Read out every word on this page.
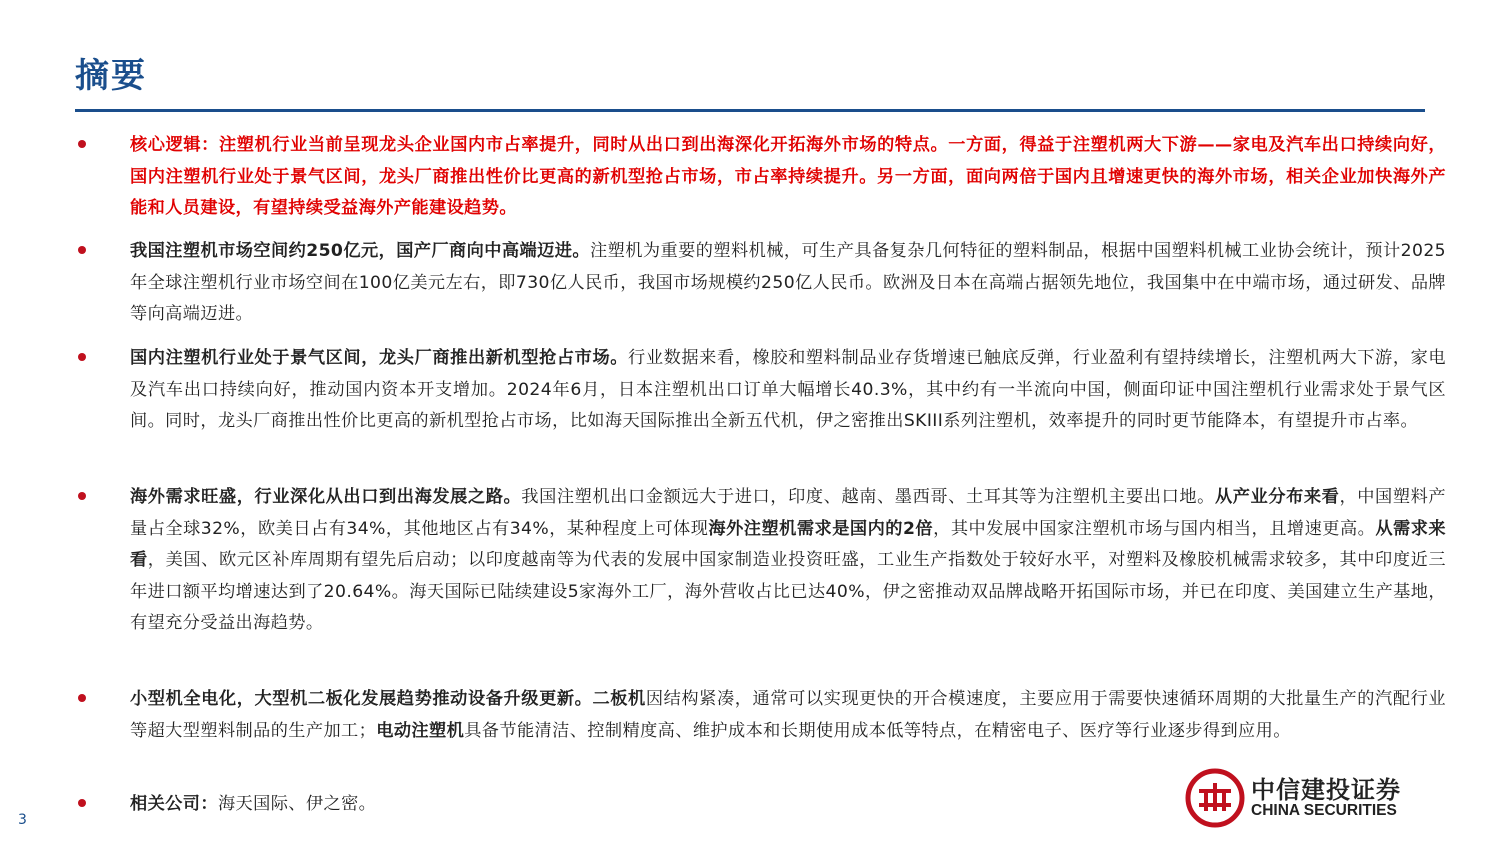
摘要

核心逻辑：注塑机行业当前呈现龙头企业国内市占率提升，同时从出口到出海深化开拓海外市场的特点。一方面，得益于注塑机两大下游——家电及汽车出口持续向好，国内注塑机行业处于景气区间，龙头厂商推出性价比更高的新机型抢占市场，市占率持续提升。另一方面，面向两倍于国内且增速更快的海外市场，相关企业加快海外产能和人员建设，有望持续受益海外产能建设趋势。

我国注塑机市场空间约250亿元，国产厂商向中高端迈进。注塑机为重要的塑料机械，可生产具备复杂几何特征的塑料制品，根据中国塑料机械工业协会统计，预计2025年全球注塑机行业市场空间在100亿美元左右，即730亿人民币，我国市场规模约250亿人民币。欧洲及日本在高端占据领先地位，我国集中在中端市场，通过研发、品牌等向高端迈进。

国内注塑机行业处于景气区间，龙头厂商推出新机型抢占市场。行业数据来看，橡胶和塑料制品业存货增速已触底反弹，行业盈利有望持续增长，注塑机两大下游，家电及汽车出口持续向好，推动国内资本开支增加。2024年6月，日本注塑机出口订单大幅增长40.3%，其中约有一半流向中国，侧面印证中国注塑机行业需求处于景气区间。同时，龙头厂商推出性价比更高的新机型抢占市场，比如海天国际推出全新五代机，伊之密推出SKIII系列注塑机，效率提升的同时更节能降本，有望提升市占率。

海外需求旺盛，行业深化从出口到出海发展之路。我国注塑机出口金额远大于进口，印度、越南、墨西哥、土耳其等为注塑机主要出口地。从产业分布来看，中国塑料产量占全球32%，欧美日占有34%，其他地区占有34%，某种程度上可体现海外注塑机需求是国内的2倍，其中发展中国家注塑机市场与国内相当，且增速更高。从需求来看，美国、欧元区补库周期有望先后启动；以印度越南等为代表的发展中国家制造业投资旺盛，工业生产指数处于较好水平，对塑料及橡胶机械需求较多，其中印度近三年进口额平均增速达到了20.64%。海天国际已陆续建设5家海外工厂，海外营收占比已达40%，伊之密推动双品牌战略开拓国际市场，并已在印度、美国建立生产基地，有望充分受益出海趋势。

小型机全电化，大型机二板化发展趋势推动设备升级更新。二板机因结构紧凑，通常可以实现更快的开合模速度，主要应用于需要快速循环周期的大批量生产的汽配行业等超大型塑料制品的生产加工；电动注塑机具备节能清洁、控制精度高、维护成本和长期使用成本低等特点，在精密电子、医疗等行业逐步得到应用。

相关公司：海天国际、伊之密。

3
中信建投证券
CHINA SECURITIES
